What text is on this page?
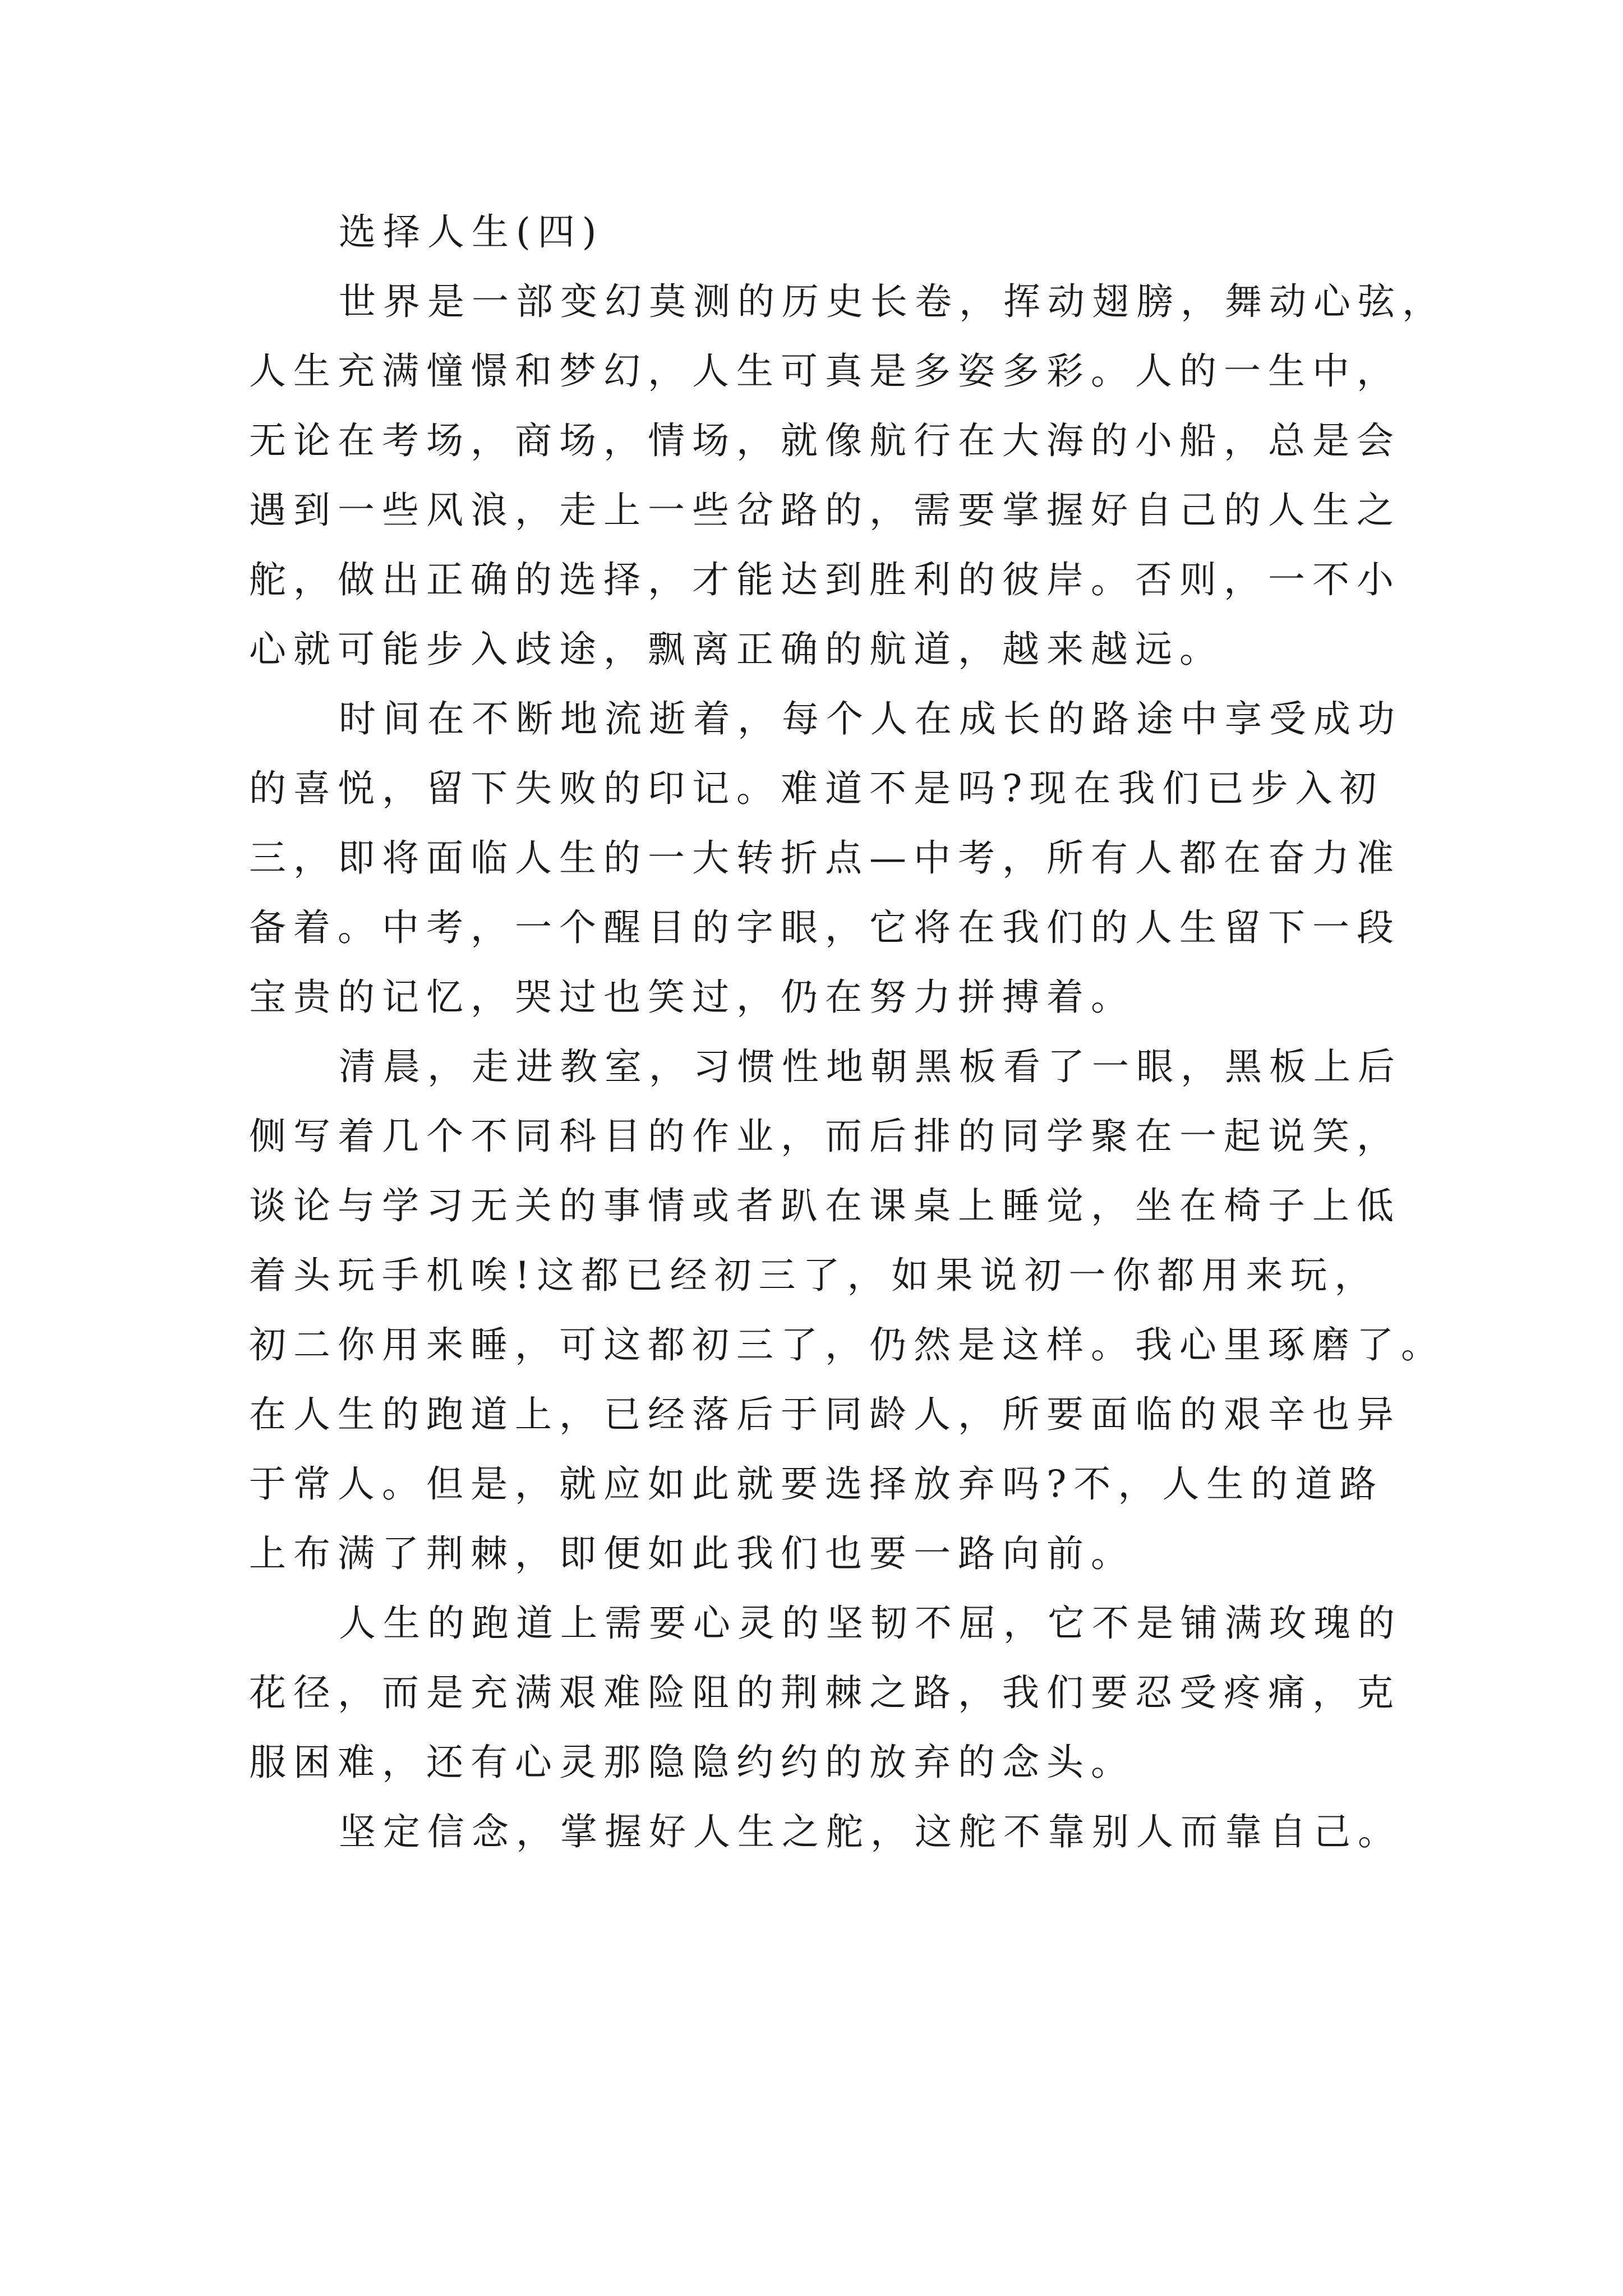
选择人生(四)
世界是一部变幻莫测的历史长卷，挥动翅膀，舞动心弦，
人生充满憧憬和梦幻，人生可真是多姿多彩。人的一生中，
无论在考场，商场，情场，就像航行在大海的小船，总是会
遇到一些风浪，走上一些岔路的，需要掌握好自己的人生之
舵，做出正确的选择，才能达到胜利的彼岸。否则，一不小
心就可能步入歧途，飘离正确的航道，越来越远。
时间在不断地流逝着，每个人在成长的路途中享受成功
的喜悦，留下失败的印记。难道不是吗?现在我们已步入初
三，即将面临人生的一大转折点—中考，所有人都在奋力准
备着。中考，一个醒目的字眼，它将在我们的人生留下一段
宝贵的记忆，哭过也笑过，仍在努力拼搏着。
清晨，走进教室，习惯性地朝黑板看了一眼，黑板上后
侧写着几个不同科目的作业，而后排的同学聚在一起说笑，
谈论与学习无关的事情或者趴在课桌上睡觉，坐在椅子上低
着头玩手机唉!这都已经初三了，如果说初一你都用来玩，
初二你用来睡，可这都初三了，仍然是这样。我心里琢磨了。
在人生的跑道上，已经落后于同龄人，所要面临的艰辛也异
于常人。但是，就应如此就要选择放弃吗?不，人生的道路
上布满了荆棘，即便如此我们也要一路向前。
人生的跑道上需要心灵的坚韧不屈，它不是铺满玫瑰的
花径，而是充满艰难险阻的荆棘之路，我们要忍受疼痛，克
服困难，还有心灵那隐隐约约的放弃的念头。
坚定信念，掌握好人生之舵，这舵不靠别人而靠自己。
